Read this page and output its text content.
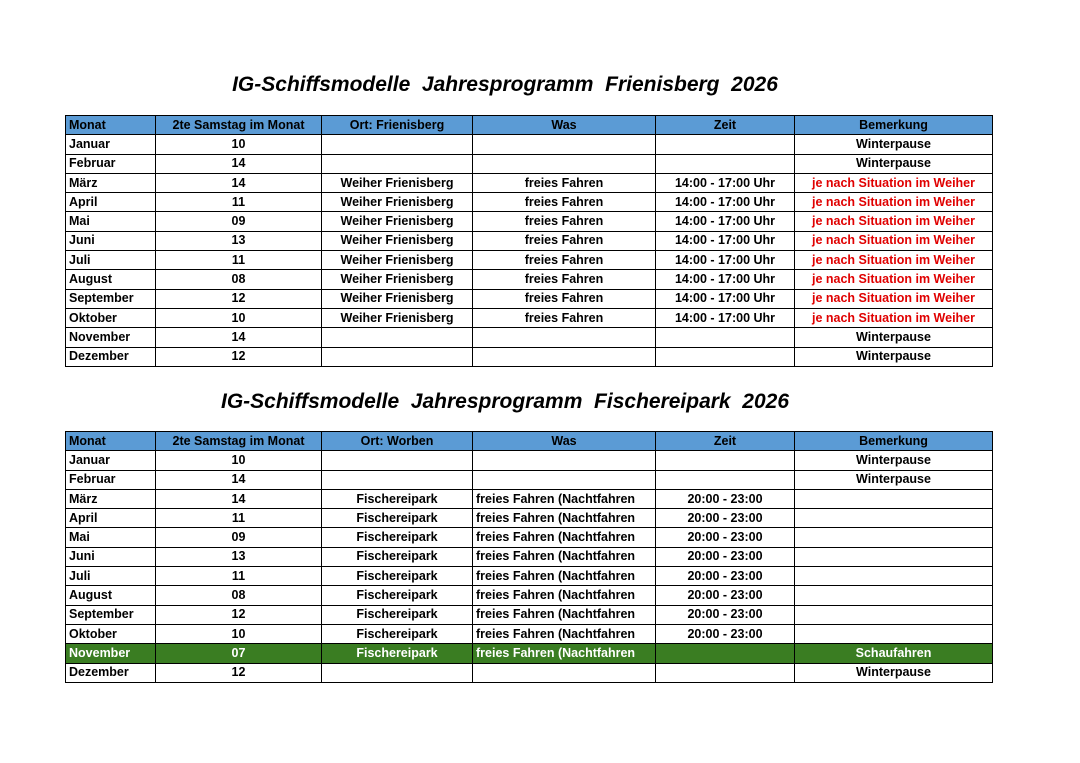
IG-Schiffsmodelle  Jahresprogramm  Frienisberg  2026
Monat	2te Samstag im Monat	Ort: Frienisberg	Was	Zeit	Bemerkung
Januar	10				Winterpause
Februar	14				Winterpause
März	14	Weiher Frienisberg	freies Fahren	14:00 - 17:00 Uhr	je nach Situation im Weiher
April	11	Weiher Frienisberg	freies Fahren	14:00 - 17:00 Uhr	je nach Situation im Weiher
Mai	09	Weiher Frienisberg	freies Fahren	14:00 - 17:00 Uhr	je nach Situation im Weiher
Juni	13	Weiher Frienisberg	freies Fahren	14:00 - 17:00 Uhr	je nach Situation im Weiher
Juli	11	Weiher Frienisberg	freies Fahren	14:00 - 17:00 Uhr	je nach Situation im Weiher
August	08	Weiher Frienisberg	freies Fahren	14:00 - 17:00 Uhr	je nach Situation im Weiher
September	12	Weiher Frienisberg	freies Fahren	14:00 - 17:00 Uhr	je nach Situation im Weiher
Oktober	10	Weiher Frienisberg	freies Fahren	14:00 - 17:00 Uhr	je nach Situation im Weiher
November	14				Winterpause
Dezember	12				Winterpause
IG-Schiffsmodelle  Jahresprogramm  Fischereipark  2026
Monat	2te Samstag im Monat	Ort: Worben	Was	Zeit	Bemerkung
Januar	10				Winterpause
Februar	14				Winterpause
März	14	Fischereipark	freies Fahren (Nachtfahren	20:00 - 23:00	
April	11	Fischereipark	freies Fahren (Nachtfahren	20:00 - 23:00	
Mai	09	Fischereipark	freies Fahren (Nachtfahren	20:00 - 23:00	
Juni	13	Fischereipark	freies Fahren (Nachtfahren	20:00 - 23:00	
Juli	11	Fischereipark	freies Fahren (Nachtfahren	20:00 - 23:00	
August	08	Fischereipark	freies Fahren (Nachtfahren	20:00 - 23:00	
September	12	Fischereipark	freies Fahren (Nachtfahren	20:00 - 23:00	
Oktober	10	Fischereipark	freies Fahren (Nachtfahren	20:00 - 23:00	
November	07	Fischereipark	freies Fahren (Nachtfahren		Schaufahren
Dezember	12				Winterpause
